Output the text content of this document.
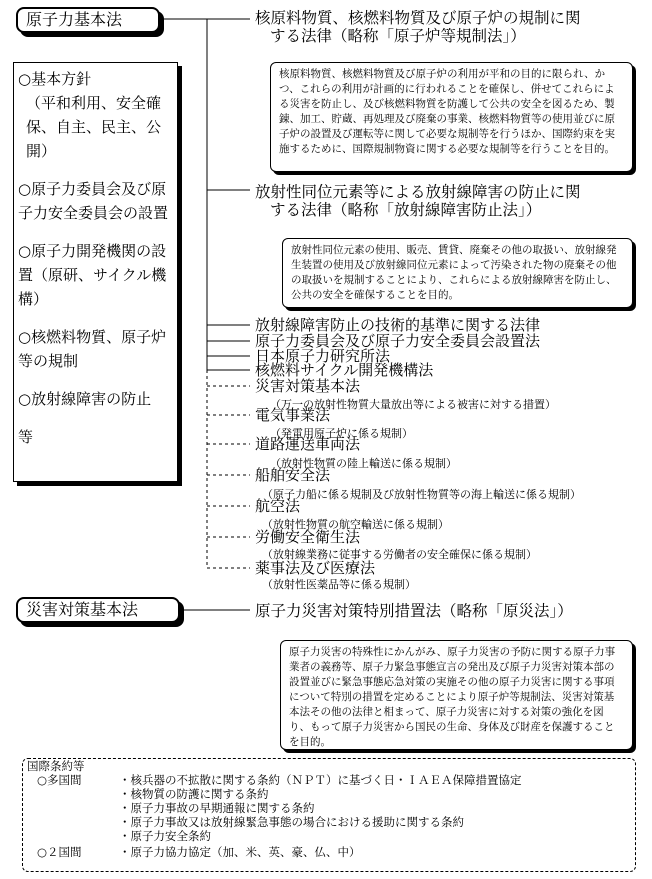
原子力基本法

○基本方針

（平和利用、安全確保、自主、民主、公開）

○原子力委員会及び原子力安全委員会の設置

○原子力開発機関の設置（原研、サイクル機構）

○核燃料物質、原子炉等の規制

○放射線障害の防止

等

核原料物質、核燃料物質及び原子炉の規制に関
する法律（略称「原子炉等規制法」）
核原料物質、核燃料物質及び原子炉の利用が平和の目的に限られ、かつ、これらの利用が計画的に行われることを確保し、併せてこれらによる災害を防止し、及び核燃料物質を防護して公共の安全を図るため、製錬、加工、貯蔵、再処理及び廃棄の事業、核燃料物質等の使用並びに原子炉の設置及び運転等に関して必要な規制等を行うほか、国際約束を実施するために、国際規制物資に関する必要な規制等を行うことを目的。
放射性同位元素等による放射線障害の防止に関
する法律（略称「放射線障害防止法」）
放射性同位元素の使用、販売、賃貸、廃棄その他の取扱い、放射線発生装置の使用及び放射線同位元素によって汚染された物の廃棄その他の取扱いを規制することにより、これらによる放射線障害を防止し、公共の安全を確保することを目的。
放射線障害防止の技術的基準に関する法律
原子力委員会及び原子力安全委員会設置法
日本原子力研究所法
核燃料サイクル開発機構法
災害対策基本法
（万一の放射性物質大量放出等による被害に対する措置）
電気事業法
（発電用原子炉に係る規制）
道路運送車両法
（放射性物質の陸上輸送に係る規制）
船舶安全法
（原子力船に係る規制及び放射性物質等の海上輸送に係る規制）
航空法
（放射性物質の航空輸送に係る規制）
労働安全衛生法
（放射線業務に従事する労働者の安全確保に係る規制）
薬事法及び医療法
（放射性医薬品等に係る規制）
災害対策基本法	原子力災害対策特別措置法（略称「原災法」）
原子力災害の特殊性にかんがみ、原子力災害の予防に関する原子力事業者の義務等、原子力緊急事態宣言の発出及び原子力災害対策本部の設置並びに緊急事態応急対策の実施その他の原子力災害に関する事項について特別の措置を定めることにより原子炉等規制法、災害対策基本法その他の法律と相まって、原子力災害に対する対策の強化を図り、もって原子力災害から国民の生命、身体及び財産を保護することを目的。
国際条約等
○多国間	・核兵器の不拡散に関する条約（ＮＰＴ）に基づく日・ＩＡＥＡ保障措置協定
・核物質の防護に関する条約
・原子力事故の早期通報に関する条約
・原子力事故又は放射線緊急事態の場合における援助に関する条約
・原子力安全条約
○２国間	・原子力協力協定（加、米、英、豪、仏、中）
